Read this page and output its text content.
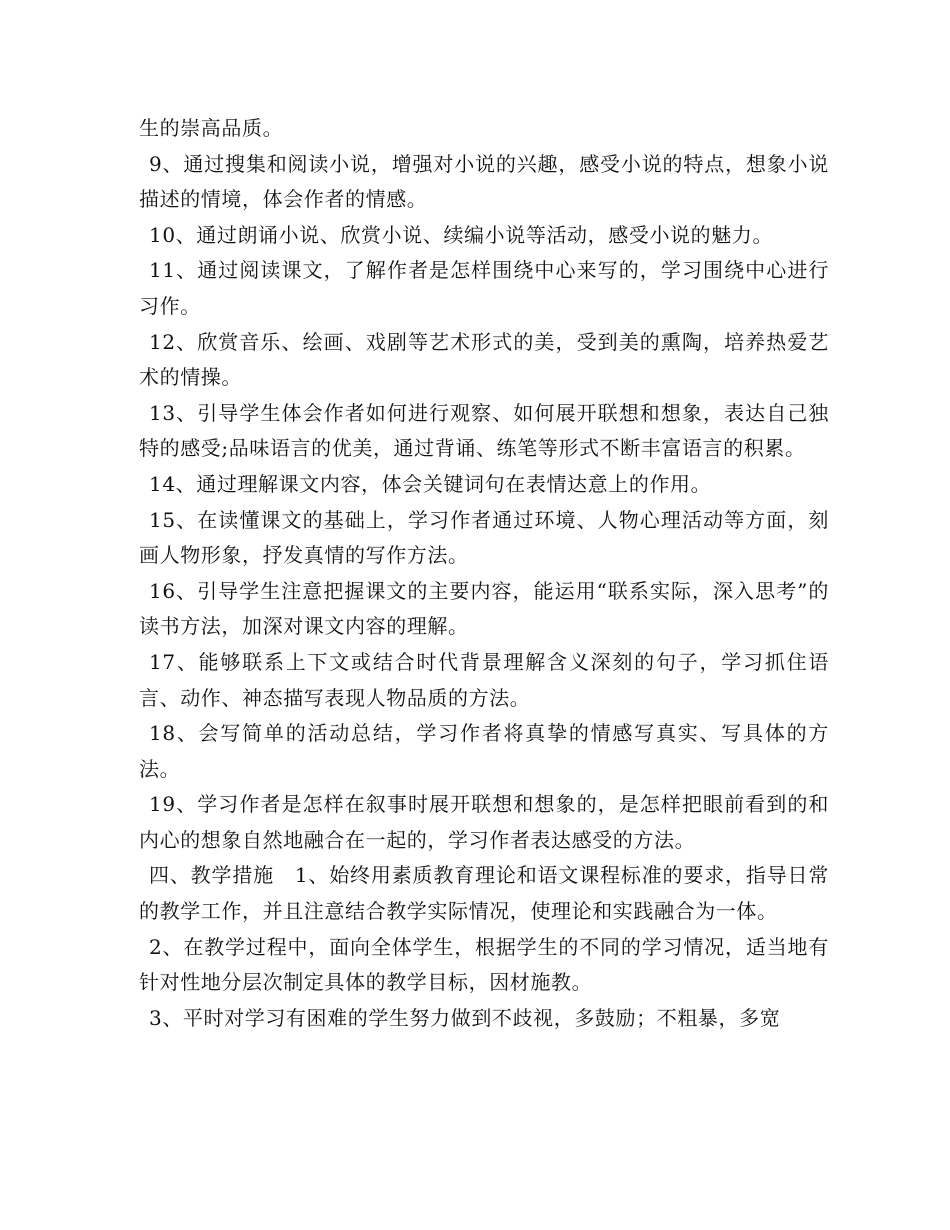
生的崇高品质。

9、通过搜集和阅读小说，增强对小说的兴趣，感受小说的特点，想象小说描述的情境，体会作者的情感。

10、通过朗诵小说、欣赏小说、续编小说等活动，感受小说的魅力。

11、通过阅读课文，了解作者是怎样围绕中心来写的，学习围绕中心进行习作。

12、欣赏音乐、绘画、戏剧等艺术形式的美，受到美的熏陶，培养热爱艺术的情操。

13、引导学生体会作者如何进行观察、如何展开联想和想象，表达自己独特的感受;品味语言的优美，通过背诵、练笔等形式不断丰富语言的积累。

14、通过理解课文内容，体会关键词句在表情达意上的作用。

15、在读懂课文的基础上，学习作者通过环境、人物心理活动等方面，刻画人物形象，抒发真情的写作方法。

16、引导学生注意把握课文的主要内容，能运用“联系实际，深入思考”的读书方法，加深对课文内容的理解。

17、能够联系上下文或结合时代背景理解含义深刻的句子，学习抓住语言、动作、神态描写表现人物品质的方法。

18、会写简单的活动总结，学习作者将真挚的情感写真实、写具体的方法。

19、学习作者是怎样在叙事时展开联想和想象的，是怎样把眼前看到的和内心的想象自然地融合在一起的，学习作者表达感受的方法。

四、教学措施　1、始终用素质教育理论和语文课程标准的要求，指导日常的教学工作，并且注意结合教学实际情况，使理论和实践融合为一体。

2、在教学过程中，面向全体学生，根据学生的不同的学习情况，适当地有针对性地分层次制定具体的教学目标，因材施教。

3、平时对学习有困难的学生努力做到不歧视，多鼓励；不粗暴，多宽
